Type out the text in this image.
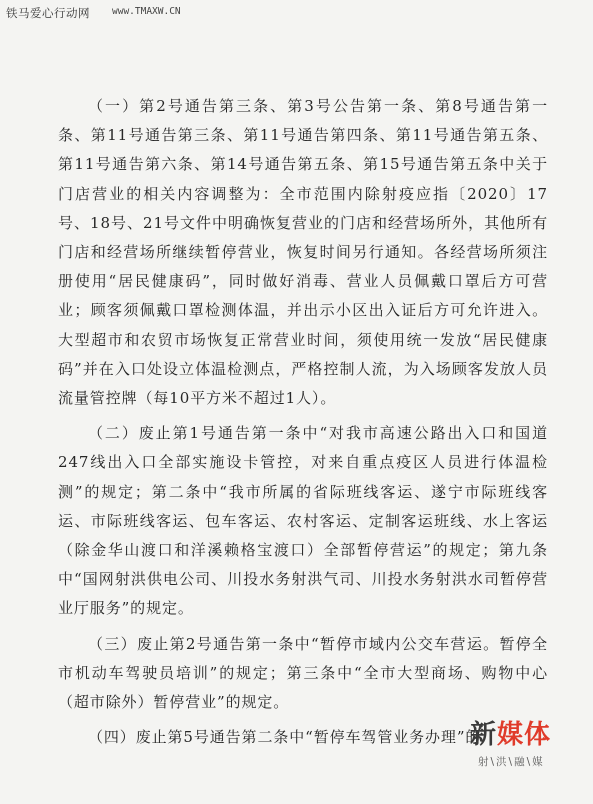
铁马爱心行动网 www.TMAXW.CN

（一）第2号通告第三条、第3号公告第一条、第8号通告第一条、第11号通告第三条、第11号通告第四条、第11号通告第五条、第11号通告第六条、第14号通告第五条、第15号通告第五条中关于门店营业的相关内容调整为：全市范围内除射疫应指〔2020〕17号、18号、21号文件中明确恢复营业的门店和经营场所外，其他所有门店和经营场所继续暂停营业，恢复时间另行通知。各经营场所须注册使用“居民健康码”，同时做好消毒、营业人员佩戴口罩后方可营业；顾客须佩戴口罩检测体温，并出示小区出入证后方可允许进入。大型超市和农贸市场恢复正常营业时间，须使用统一发放“居民健康码”并在入口处设立体温检测点，严格控制人流，为入场顾客发放人员流量管控牌（每10平方米不超过1人）。

（二）废止第1号通告第一条中“对我市高速公路出入口和国道247线出入口全部实施设卡管控，对来自重点疫区人员进行体温检测”的规定；第二条中“我市所属的省际班线客运、遂宁市际班线客运、市际班线客运、包车客运、农村客运、定制客运班线、水上客运（除金华山渡口和洋溪赖格宝渡口）全部暂停营运”的规定；第九条中“国网射洪供电公司、川投水务射洪气司、川投水务射洪水司暂停营业厅服务”的规定。

（三）废止第2号通告第一条中“暂停市域内公交车营运。暂停全市机动车驾驶员培训”的规定；第三条中“全市大型商场、购物中心（超市除外）暂停营业”的规定。

（四）废止第5号通告第二条中“暂停车驾管业务办理”的

新媒体
射\洪\融\媒
